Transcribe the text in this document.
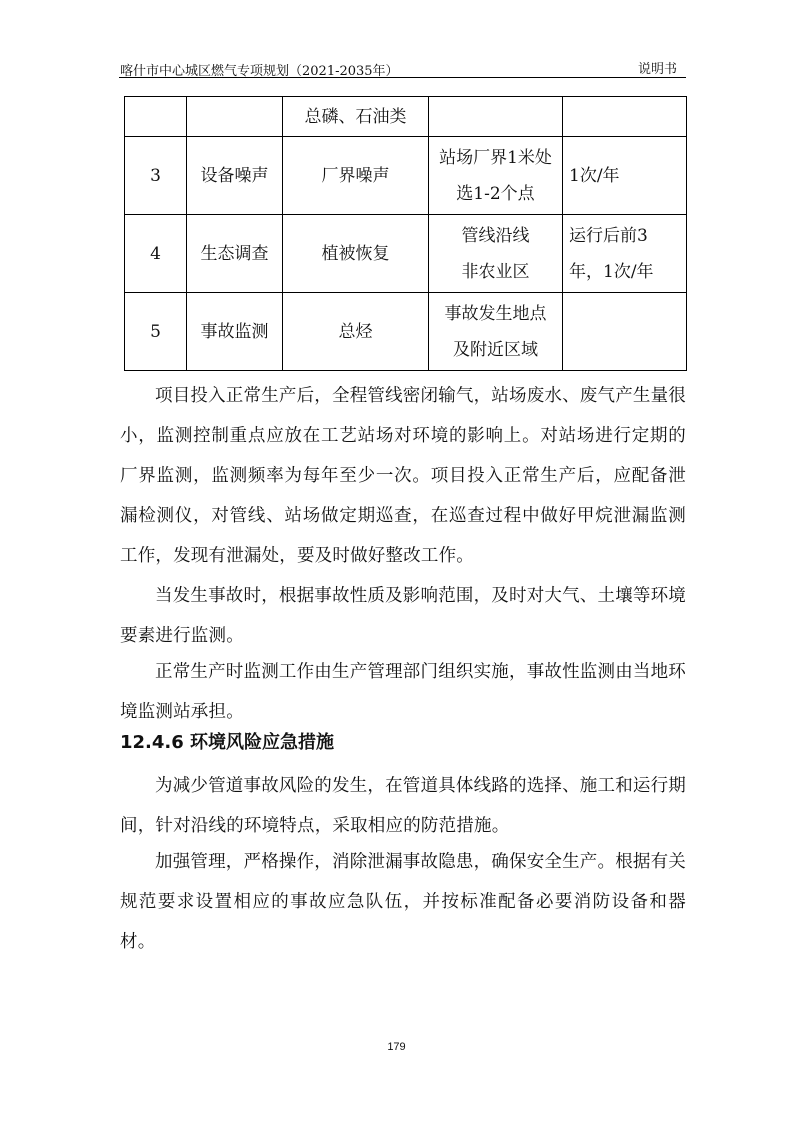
喀什市中心城区燃气专项规划（2021-2035年）	说明书
		总磷、石油类	

3	设备噪声	厂界噪声	站场厂界1米处
选1-2个点	1次/年

4	生态调查	植被恢复	管线沿线
非农业区	运行后前3
年，1次/年

5	事故监测	总烃	事故发生地点
及附近区域	

项目投入正常生产后，全程管线密闭输气，站场废水、废气产生量很小，监测控制重点应放在工艺站场对环境的影响上。对站场进行定期的厂界监测，监测频率为每年至少一次。项目投入正常生产后，应配备泄漏检测仪，对管线、站场做定期巡查，在巡查过程中做好甲烷泄漏监测工作，发现有泄漏处，要及时做好整改工作。

当发生事故时，根据事故性质及影响范围，及时对大气、土壤等环境要素进行监测。

正常生产时监测工作由生产管理部门组织实施，事故性监测由当地环境监测站承担。

12.4.6 环境风险应急措施

为减少管道事故风险的发生，在管道具体线路的选择、施工和运行期间，针对沿线的环境特点，采取相应的防范措施。

加强管理，严格操作，消除泄漏事故隐患，确保安全生产。根据有关规范要求设置相应的事故应急队伍，并按标准配备必要消防设备和器材。

179
